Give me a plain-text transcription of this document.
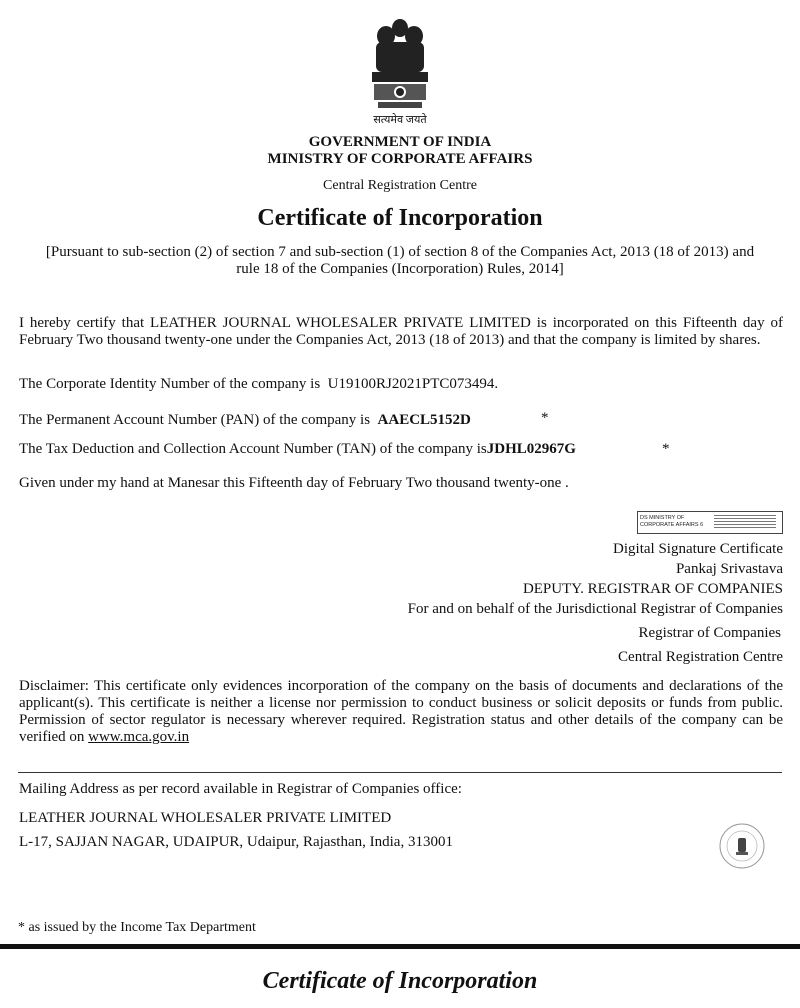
सत्यमेव जयते
GOVERNMENT OF INDIA
MINISTRY OF CORPORATE AFFAIRS
Central Registration Centre
Certificate of Incorporation
[Pursuant to sub-section (2) of section 7 and sub-section (1) of section 8 of the Companies Act, 2013 (18 of 2013) and
rule 18 of the Companies (Incorporation) Rules, 2014]
I hereby certify that LEATHER JOURNAL WHOLESALER PRIVATE LIMITED is incorporated on this Fifteenth day of February Two thousand twenty-one under the Companies Act, 2013 (18 of 2013) and that the company is limited by shares.
The Corporate Identity Number of the company is U19100RJ2021PTC073494.
The Permanent Account Number (PAN) of the company is AAECL5152D	*
The Tax Deduction and Collection Account Number (TAN) of the company isJDHL02967G	*
Given under my hand at Manesar this Fifteenth day of February Two thousand twenty-one .
DS MINISTRY OF
CORPORATE AFFAIRS 6
Digital Signature Certificate
Pankaj Srivastava
DEPUTY. REGISTRAR OF COMPANIES
For and on behalf of the Jurisdictional Registrar of Companies
Registrar of Companies
Central Registration Centre
Disclaimer: This certificate only evidences incorporation of the company on the basis of documents and declarations of the applicant(s). This certificate is neither a license nor permission to conduct business or solicit deposits or funds from public. Permission of sector regulator is necessary wherever required. Registration status and other details of the company can be verified on www.mca.gov.in
Mailing Address as per record available in Registrar of Companies office:
LEATHER JOURNAL WHOLESALER PRIVATE LIMITED
L-17, SAJJAN NAGAR, UDAIPUR, Udaipur, Rajasthan, India, 313001
* as issued by the Income Tax Department
Certificate of Incorporation
